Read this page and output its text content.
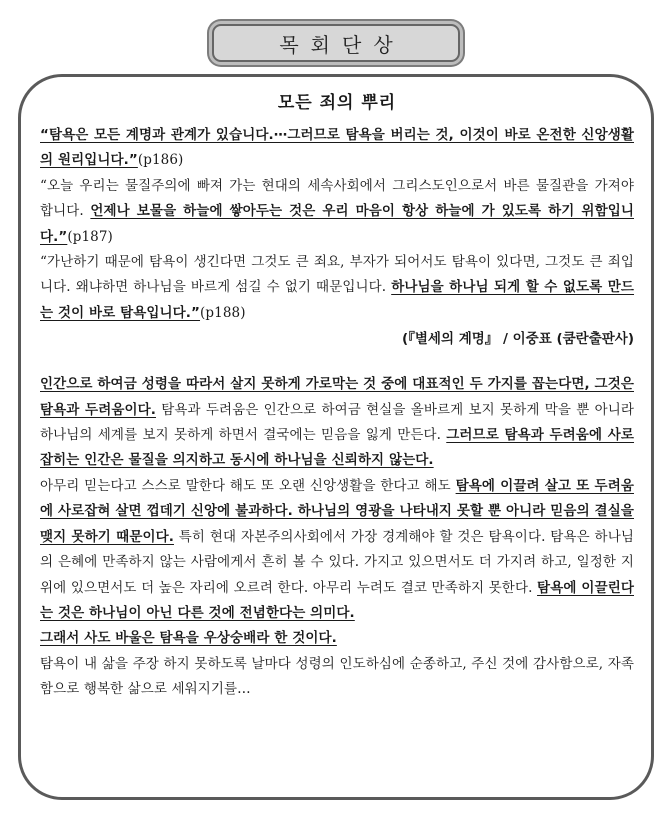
목회단상
모든 죄의 뿌리

“탐욕은 모든 계명과 관계가 있습니다.⋯그러므로 탐욕을 버리는 것, 이것이 바로 온전한 신앙생활의 원리입니다.”(p186)

“오늘 우리는 물질주의에 빠져 가는 현대의 세속사회에서 그리스도인으로서 바른 물질관을 가져야 합니다. 언제나 보물을 하늘에 쌓아두는 것은 우리 마음이 항상 하늘에 가 있도록 하기 위함입니다.”(p187)

“가난하기 때문에 탐욕이 생긴다면 그것도 큰 죄요, 부자가 되어서도 탐욕이 있다면, 그것도 큰 죄입니다. 왜냐하면 하나님을 바르게 섬길 수 없기 때문입니다. 하나님을 하나님 되게 할 수 없도록 만드는 것이 바로 탐욕입니다.”(p188)

(『별세의 계명』 / 이중표 (쿰란출판사)

인간으로 하여금 성령을 따라서 살지 못하게 가로막는 것 중에 대표적인 두 가지를 꼽는다면, 그것은 탐욕과 두려움이다. 탐욕과 두려움은 인간으로 하여금 현실을 올바르게 보지 못하게 막을 뿐 아니라 하나님의 세계를 보지 못하게 하면서 결국에는 믿음을 잃게 만든다. 그러므로 탐욕과 두려움에 사로잡히는 인간은 물질을 의지하고 동시에 하나님을 신뢰하지 않는다.

아무리 믿는다고 스스로 말한다 해도 또 오랜 신앙생활을 한다고 해도 탐욕에 이끌려 살고 또 두려움에 사로잡혀 살면 껍데기 신앙에 불과하다. 하나님의 영광을 나타내지 못할 뿐 아니라 믿음의 결실을 맺지 못하기 때문이다. 특히 현대 자본주의사회에서 가장 경계해야 할 것은 탐욕이다. 탐욕은 하나님의 은혜에 만족하지 않는 사람에게서 흔히 볼 수 있다. 가지고 있으면서도 더 가지려 하고, 일정한 지위에 있으면서도 더 높은 자리에 오르려 한다. 아무리 누려도 결코 만족하지 못한다. 탐욕에 이끌린다는 것은 하나님이 아닌 다른 것에 전념한다는 의미다.

그래서 사도 바울은 탐욕을 우상숭배라 한 것이다.

탐욕이 내 삶을 주장 하지 못하도록 날마다 성령의 인도하심에 순종하고, 주신 것에 감사함으로, 자족함으로 행복한 삶으로 세워지기를…
